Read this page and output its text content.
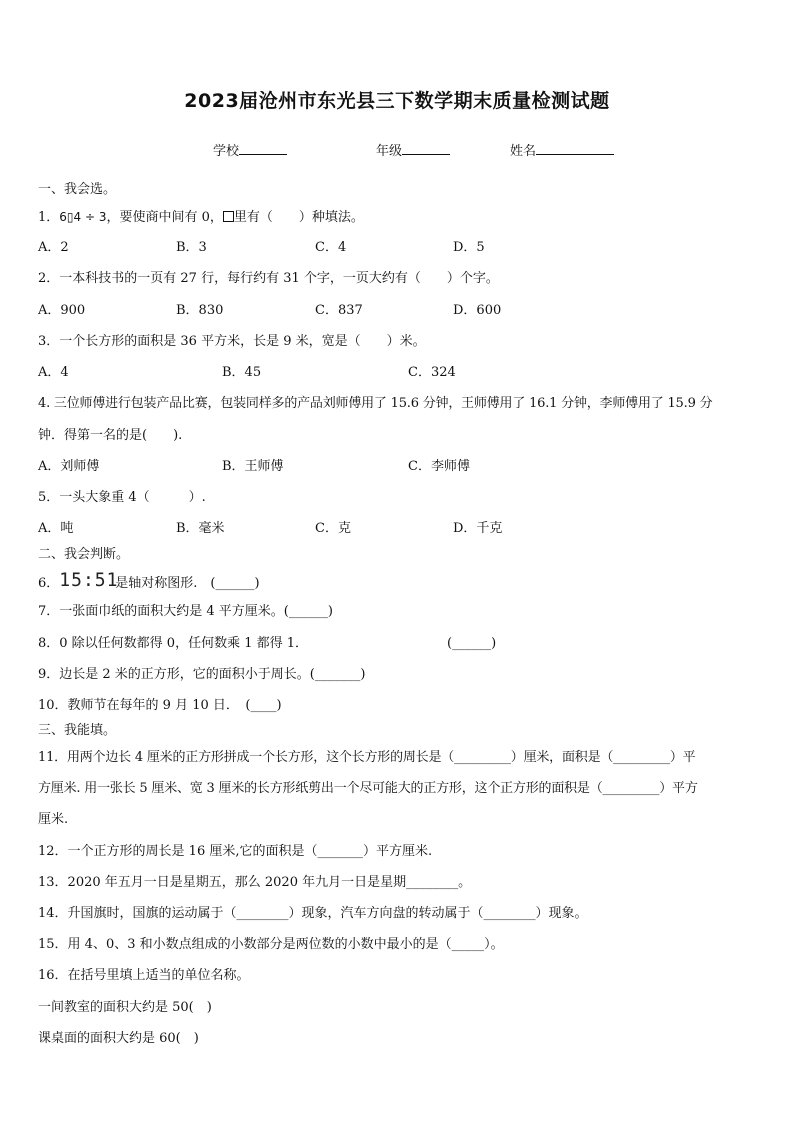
2023届沧州市东光县三下数学期末质量检测试题
学校	年级	姓名
一、我会选。
1．6▯4 ÷ 3，要使商中间有 0， 里有（　　）种填法。
A．2	B．3	C．4	D．5
2．一本科技书的一页有 27 行，每行约有 31 个字，一页大约有（　　）个字。
A．900	B．830	C．837	D．600
3．一个长方形的面积是 36 平方米，长是 9 米，宽是（　　）米。
A．4	B．45	C．324
4. 三位师傅进行包装产品比赛，包装同样多的产品刘师傅用了 15.6 分钟，王师傅用了 16.1 分钟，李师傅用了 15.9 分
钟．得第一名的是(　　).
A．刘师傅	B．王师傅	C．李师傅
5．一头大象重 4（　　　）.
A．吨	B．毫米	C．克	D．千克
二、我会判断。
6． 15:51
是轴对称图形.　(______)
7．一张面巾纸的面积大约是 4 平方厘米。(______)
8．0 除以任何数都得 0，任何数乘 1 都得 1．	(______)
9．边长是 2 米的正方形，它的面积小于周长。(_______)
10．教师节在每年的 9 月 10 日．　(____)
三、我能填。
11．用两个边长 4 厘米的正方形拼成一个长方形，这个长方形的周长是（_________）厘米，面积是（_________）平
方厘米. 用一张长 5 厘米、宽 3 厘米的长方形纸剪出一个尽可能大的正方形，这个正方形的面积是（_________）平方
厘米.
12．一个正方形的周长是 16 厘米,它的面积是（_______）平方厘米.
13．2020 年五月一日是星期五，那么 2020 年九月一日是星期________。
14．升国旗时，国旗的运动属于（________）现象，汽车方向盘的转动属于（________）现象。
15．用 4、0、3 和小数点组成的小数部分是两位数的小数中最小的是（_____）。
16．在括号里填上适当的单位名称。
一间教室的面积大约是 50(　)
课桌面的面积大约是 60(　)
